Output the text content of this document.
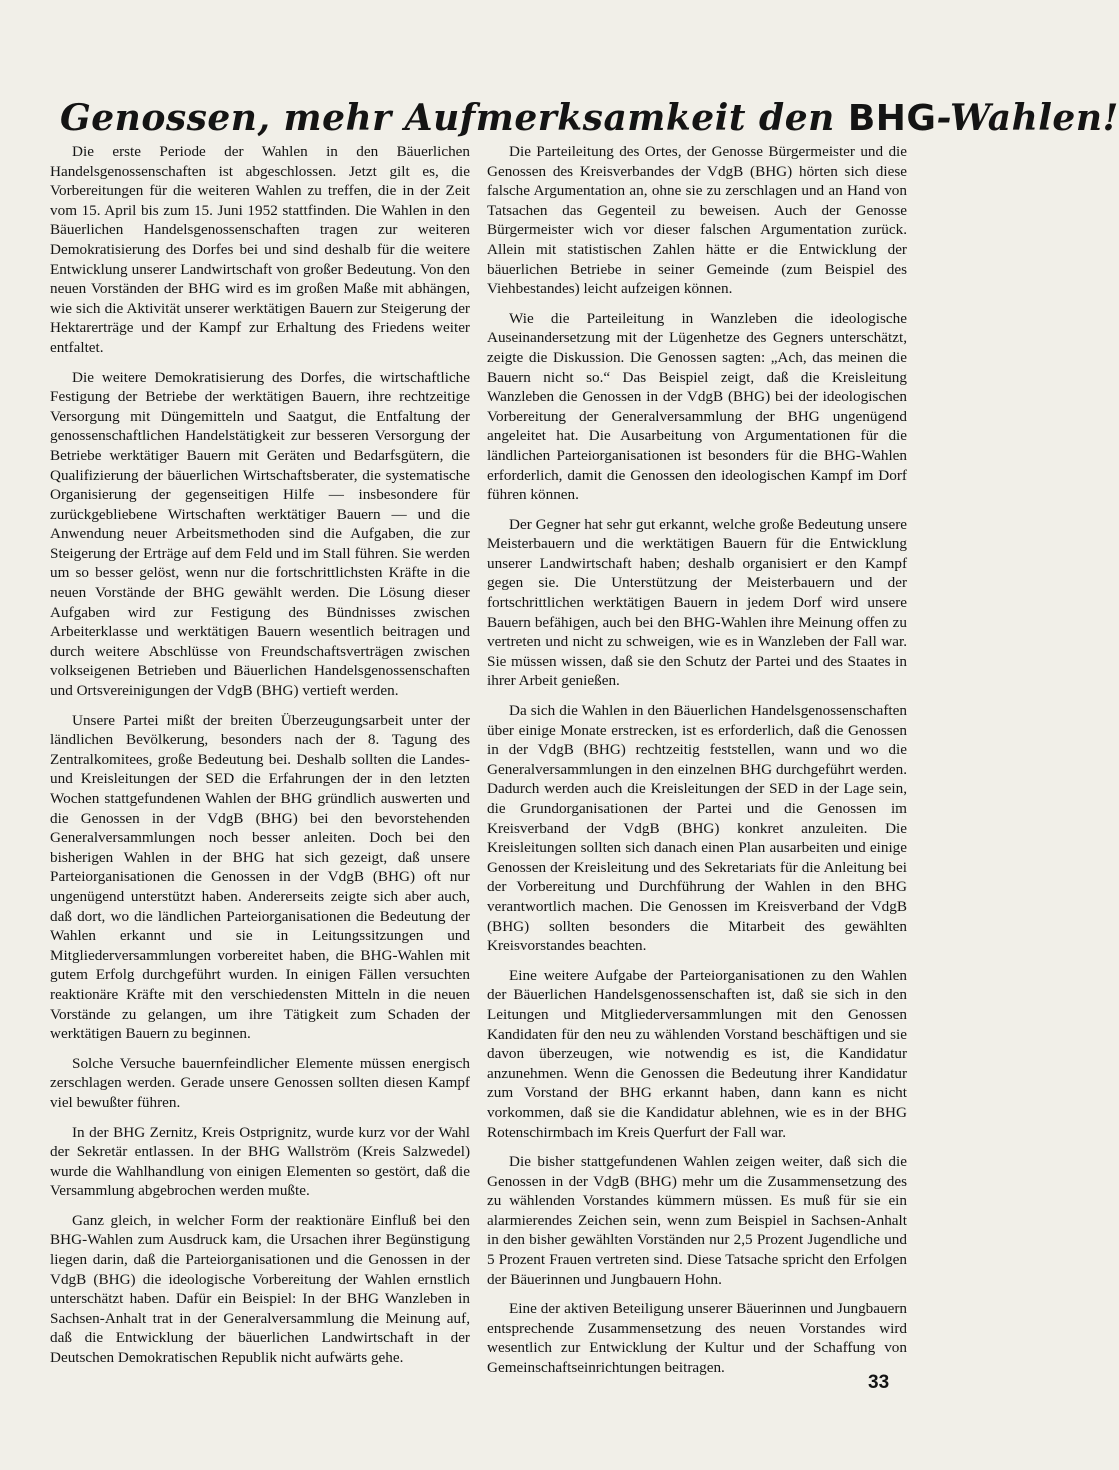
Genossen, mehr Aufmerksamkeit den BHG-Wahlen!

Die erste Periode der Wahlen in den Bäuerlichen Handelsgenossenschaften ist abgeschlossen. Jetzt gilt es, die Vorbereitungen für die weiteren Wahlen zu treffen, die in der Zeit vom 15. April bis zum 15. Juni 1952 stattfinden. Die Wahlen in den Bäuerlichen Handelsgenossenschaften tragen zur weiteren Demokratisierung des Dorfes bei und sind deshalb für die weitere Entwicklung unserer Landwirtschaft von großer Bedeutung. Von den neuen Vorständen der BHG wird es im großen Maße mit abhängen, wie sich die Aktivität unserer werktätigen Bauern zur Steigerung der Hektarerträge und der Kampf zur Erhaltung des Friedens weiter entfaltet.

Die weitere Demokratisierung des Dorfes, die wirtschaftliche Festigung der Betriebe der werktätigen Bauern, ihre rechtzeitige Versorgung mit Düngemitteln und Saatgut, die Entfaltung der genossenschaftlichen Handelstätigkeit zur besseren Versorgung der Betriebe werktätiger Bauern mit Geräten und Bedarfsgütern, die Qualifizierung der bäuerlichen Wirtschaftsberater, die systematische Organisierung der gegenseitigen Hilfe — insbesondere für zurückgebliebene Wirtschaften werktätiger Bauern — und die Anwendung neuer Arbeitsmethoden sind die Aufgaben, die zur Steigerung der Erträge auf dem Feld und im Stall führen. Sie werden um so besser gelöst, wenn nur die fortschrittlichsten Kräfte in die neuen Vorstände der BHG gewählt werden. Die Lösung dieser Aufgaben wird zur Festigung des Bündnisses zwischen Arbeiterklasse und werktätigen Bauern wesentlich beitragen und durch weitere Abschlüsse von Freundschaftsverträgen zwischen volkseigenen Betrieben und Bäuerlichen Handelsgenossenschaften und Ortsvereinigungen der VdgB (BHG) vertieft werden.

Unsere Partei mißt der breiten Überzeugungsarbeit unter der ländlichen Bevölkerung, besonders nach der 8. Tagung des Zentralkomitees, große Bedeutung bei. Deshalb sollten die Landes- und Kreisleitungen der SED die Erfahrungen der in den letzten Wochen stattgefundenen Wahlen der BHG gründlich auswerten und die Genossen in der VdgB (BHG) bei den bevorstehenden Generalversammlungen noch besser anleiten. Doch bei den bisherigen Wahlen in der BHG hat sich gezeigt, daß unsere Parteiorganisationen die Genossen in der VdgB (BHG) oft nur ungenügend unterstützt haben. Andererseits zeigte sich aber auch, daß dort, wo die ländlichen Parteiorganisationen die Bedeutung der Wahlen erkannt und sie in Leitungssitzungen und Mitgliederversammlungen vorbereitet haben, die BHG-Wahlen mit gutem Erfolg durchgeführt wurden. In einigen Fällen versuchten reaktionäre Kräfte mit den verschiedensten Mitteln in die neuen Vorstände zu gelangen, um ihre Tätigkeit zum Schaden der werktätigen Bauern zu beginnen.

Solche Versuche bauernfeindlicher Elemente müssen energisch zerschlagen werden. Gerade unsere Genossen sollten diesen Kampf viel bewußter führen.

In der BHG Zernitz, Kreis Ostprignitz, wurde kurz vor der Wahl der Sekretär entlassen. In der BHG Wallström (Kreis Salzwedel) wurde die Wahlhandlung von einigen Elementen so gestört, daß die Versammlung abgebrochen werden mußte.

Ganz gleich, in welcher Form der reaktionäre Einfluß bei den BHG-Wahlen zum Ausdruck kam, die Ursachen ihrer Begünstigung liegen darin, daß die Parteiorganisationen und die Genossen in der VdgB (BHG) die ideologische Vorbereitung der Wahlen ernstlich unterschätzt haben. Dafür ein Beispiel: In der BHG Wanzleben in Sachsen-Anhalt trat in der Generalversammlung die Meinung auf, daß die Entwicklung der bäuerlichen Landwirtschaft in der Deutschen Demokratischen Republik nicht aufwärts gehe.

Die Parteileitung des Ortes, der Genosse Bürgermeister und die Genossen des Kreisverbandes der VdgB (BHG) hörten sich diese falsche Argumentation an, ohne sie zu zerschlagen und an Hand von Tatsachen das Gegenteil zu beweisen. Auch der Genosse Bürgermeister wich vor dieser falschen Argumentation zurück. Allein mit statistischen Zahlen hätte er die Entwicklung der bäuerlichen Betriebe in seiner Gemeinde (zum Beispiel des Viehbestandes) leicht aufzeigen können.

Wie die Parteileitung in Wanzleben die ideologische Auseinandersetzung mit der Lügenhetze des Gegners unterschätzt, zeigte die Diskussion. Die Genossen sagten: „Ach, das meinen die Bauern nicht so.“ Das Beispiel zeigt, daß die Kreisleitung Wanzleben die Genossen in der VdgB (BHG) bei der ideologischen Vorbereitung der Generalversammlung der BHG ungenügend angeleitet hat. Die Ausarbeitung von Argumentationen für die ländlichen Parteiorganisationen ist besonders für die BHG-Wahlen erforderlich, damit die Genossen den ideologischen Kampf im Dorf führen können.

Der Gegner hat sehr gut erkannt, welche große Bedeutung unsere Meisterbauern und die werktätigen Bauern für die Entwicklung unserer Landwirtschaft haben; deshalb organisiert er den Kampf gegen sie. Die Unterstützung der Meisterbauern und der fortschrittlichen werktätigen Bauern in jedem Dorf wird unsere Bauern befähigen, auch bei den BHG-Wahlen ihre Meinung offen zu vertreten und nicht zu schweigen, wie es in Wanzleben der Fall war. Sie müssen wissen, daß sie den Schutz der Partei und des Staates in ihrer Arbeit genießen.

Da sich die Wahlen in den Bäuerlichen Handelsgenossenschaften über einige Monate erstrecken, ist es erforderlich, daß die Genossen in der VdgB (BHG) rechtzeitig feststellen, wann und wo die Generalversammlungen in den einzelnen BHG durchgeführt werden. Dadurch werden auch die Kreisleitungen der SED in der Lage sein, die Grundorganisationen der Partei und die Genossen im Kreisverband der VdgB (BHG) konkret anzuleiten. Die Kreisleitungen sollten sich danach einen Plan ausarbeiten und einige Genossen der Kreisleitung und des Sekretariats für die Anleitung bei der Vorbereitung und Durchführung der Wahlen in den BHG verantwortlich machen. Die Genossen im Kreisverband der VdgB (BHG) sollten besonders die Mitarbeit des gewählten Kreisvorstandes beachten.

Eine weitere Aufgabe der Parteiorganisationen zu den Wahlen der Bäuerlichen Handelsgenossenschaften ist, daß sie sich in den Leitungen und Mitgliederversammlungen mit den Genossen Kandidaten für den neu zu wählenden Vorstand beschäftigen und sie davon überzeugen, wie notwendig es ist, die Kandidatur anzunehmen. Wenn die Genossen die Bedeutung ihrer Kandidatur zum Vorstand der BHG erkannt haben, dann kann es nicht vorkommen, daß sie die Kandidatur ablehnen, wie es in der BHG Rotenschirmbach im Kreis Querfurt der Fall war.

Die bisher stattgefundenen Wahlen zeigen weiter, daß sich die Genossen in der VdgB (BHG) mehr um die Zusammensetzung des zu wählenden Vorstandes kümmern müssen. Es muß für sie ein alarmierendes Zeichen sein, wenn zum Beispiel in Sachsen-Anhalt in den bisher gewählten Vorständen nur 2,5 Prozent Jugendliche und 5 Prozent Frauen vertreten sind. Diese Tatsache spricht den Erfolgen der Bäuerinnen und Jungbauern Hohn.

Eine der aktiven Beteiligung unserer Bäuerinnen und Jungbauern entsprechende Zusammensetzung des neuen Vorstandes wird wesentlich zur Entwicklung der Kultur und der Schaffung von Gemeinschaftseinrichtungen beitragen.

33
